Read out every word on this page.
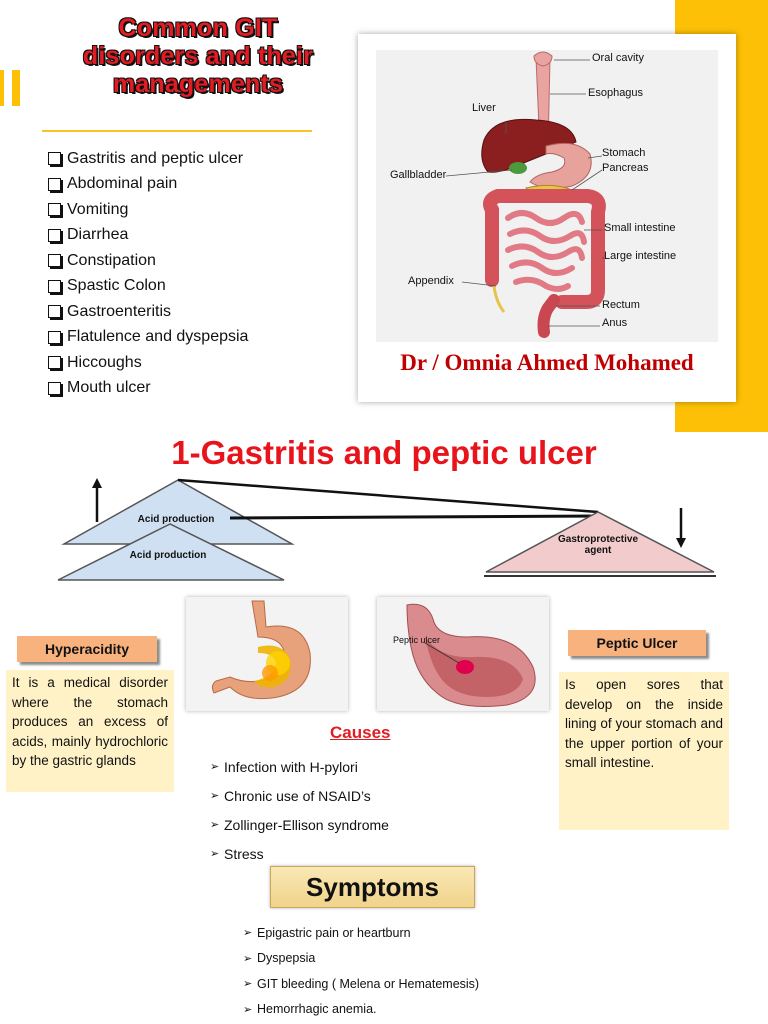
Common GIT
disorders and their
managements
Gastritis and peptic ulcer
Abdominal pain
Vomiting
Diarrhea
Constipation
Spastic Colon
Gastroenteritis
Flatulence and dyspepsia
Hiccoughs
Mouth ulcer
Oral cavity
Esophagus
Liver
Stomach
Pancreas
Gallbladder
Small intestine
Large intestine
Appendix
Rectum
Anus
Dr / Omnia Ahmed Mohamed
1-Gastritis and peptic ulcer
Acid production
Acid production
Gastroprotective
agent
Peptic ulcer
Hyperacidity
It is a medical disorder where the stomach produces an excess of acids, mainly hydrochloric by the gastric glands
Peptic Ulcer
Is open sores that develop on the inside lining of your stomach and the upper portion of your small intestine.
Causes
➢ Infection with H-pylori
➢ Chronic use of NSAID’s
➢ Zollinger-Ellison syndrome
➢ Stress
Symptoms
➢ Epigastric pain or heartburn
➢ Dyspepsia
➢ GIT bleeding ( Melena or Hematemesis)
➢ Hemorrhagic anemia.
